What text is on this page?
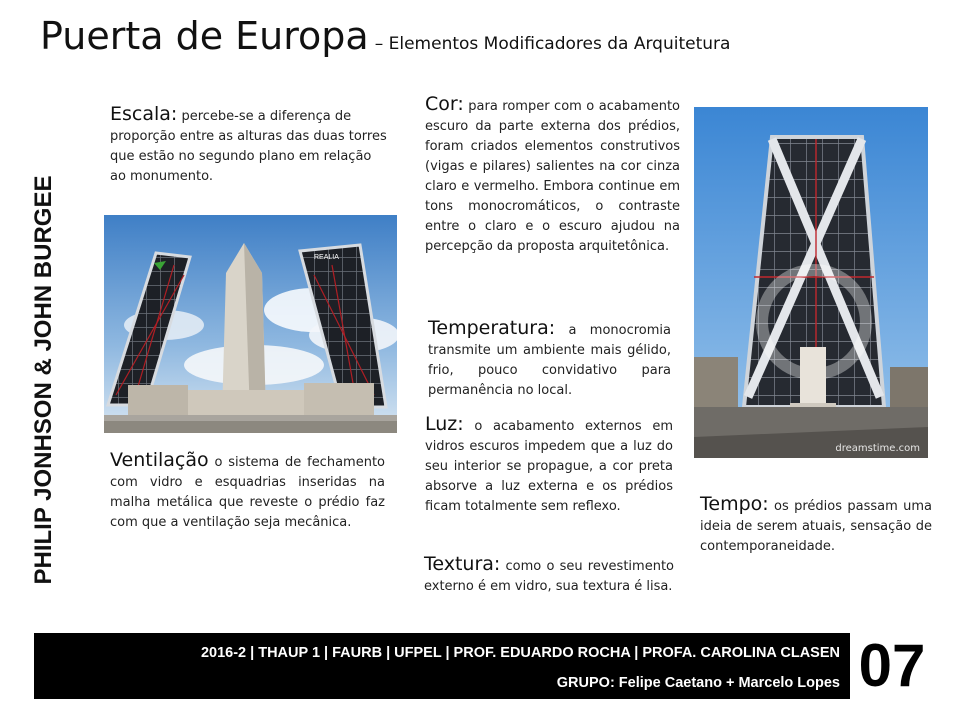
Puerta de Europa – Elementos Modificadores da Arquitetura
PHILIP JONHSON & JOHN BURGEE
Escala: percebe-se a diferença de proporção entre as alturas das duas torres que estão no segundo plano em relação ao monumento.
REALIA
Ventilação o sistema de fechamento com vidro e esquadrias inseridas na malha metálica que reveste o prédio faz com que a ventilação seja mecânica.
Cor: para romper com o acabamento escuro da parte externa dos prédios, foram criados elementos construtivos (vigas e pilares) salientes na cor cinza claro e vermelho. Embora continue em tons monocromáticos, o contraste entre o claro e o escuro ajudou na percepção da proposta arquitetônica.
Temperatura: a monocromia transmite um ambiente mais gélido, frio, pouco convidativo para permanência no local.
Luz: o acabamento externos em vidros escuros impedem que a luz do seu interior se propague, a cor preta absorve a luz externa e os prédios ficam totalmente sem reflexo.
Textura: como o seu revestimento externo é em vidro, sua textura é lisa.
dreamstime.com
Tempo: os prédios passam uma ideia de serem atuais, sensação de contemporaneidade.
2016-2 | THAUP 1 | FAURB | UFPEL | PROF. EDUARDO ROCHA | PROFA. CAROLINA CLASEN
GRUPO: Felipe Caetano + Marcelo Lopes 07
